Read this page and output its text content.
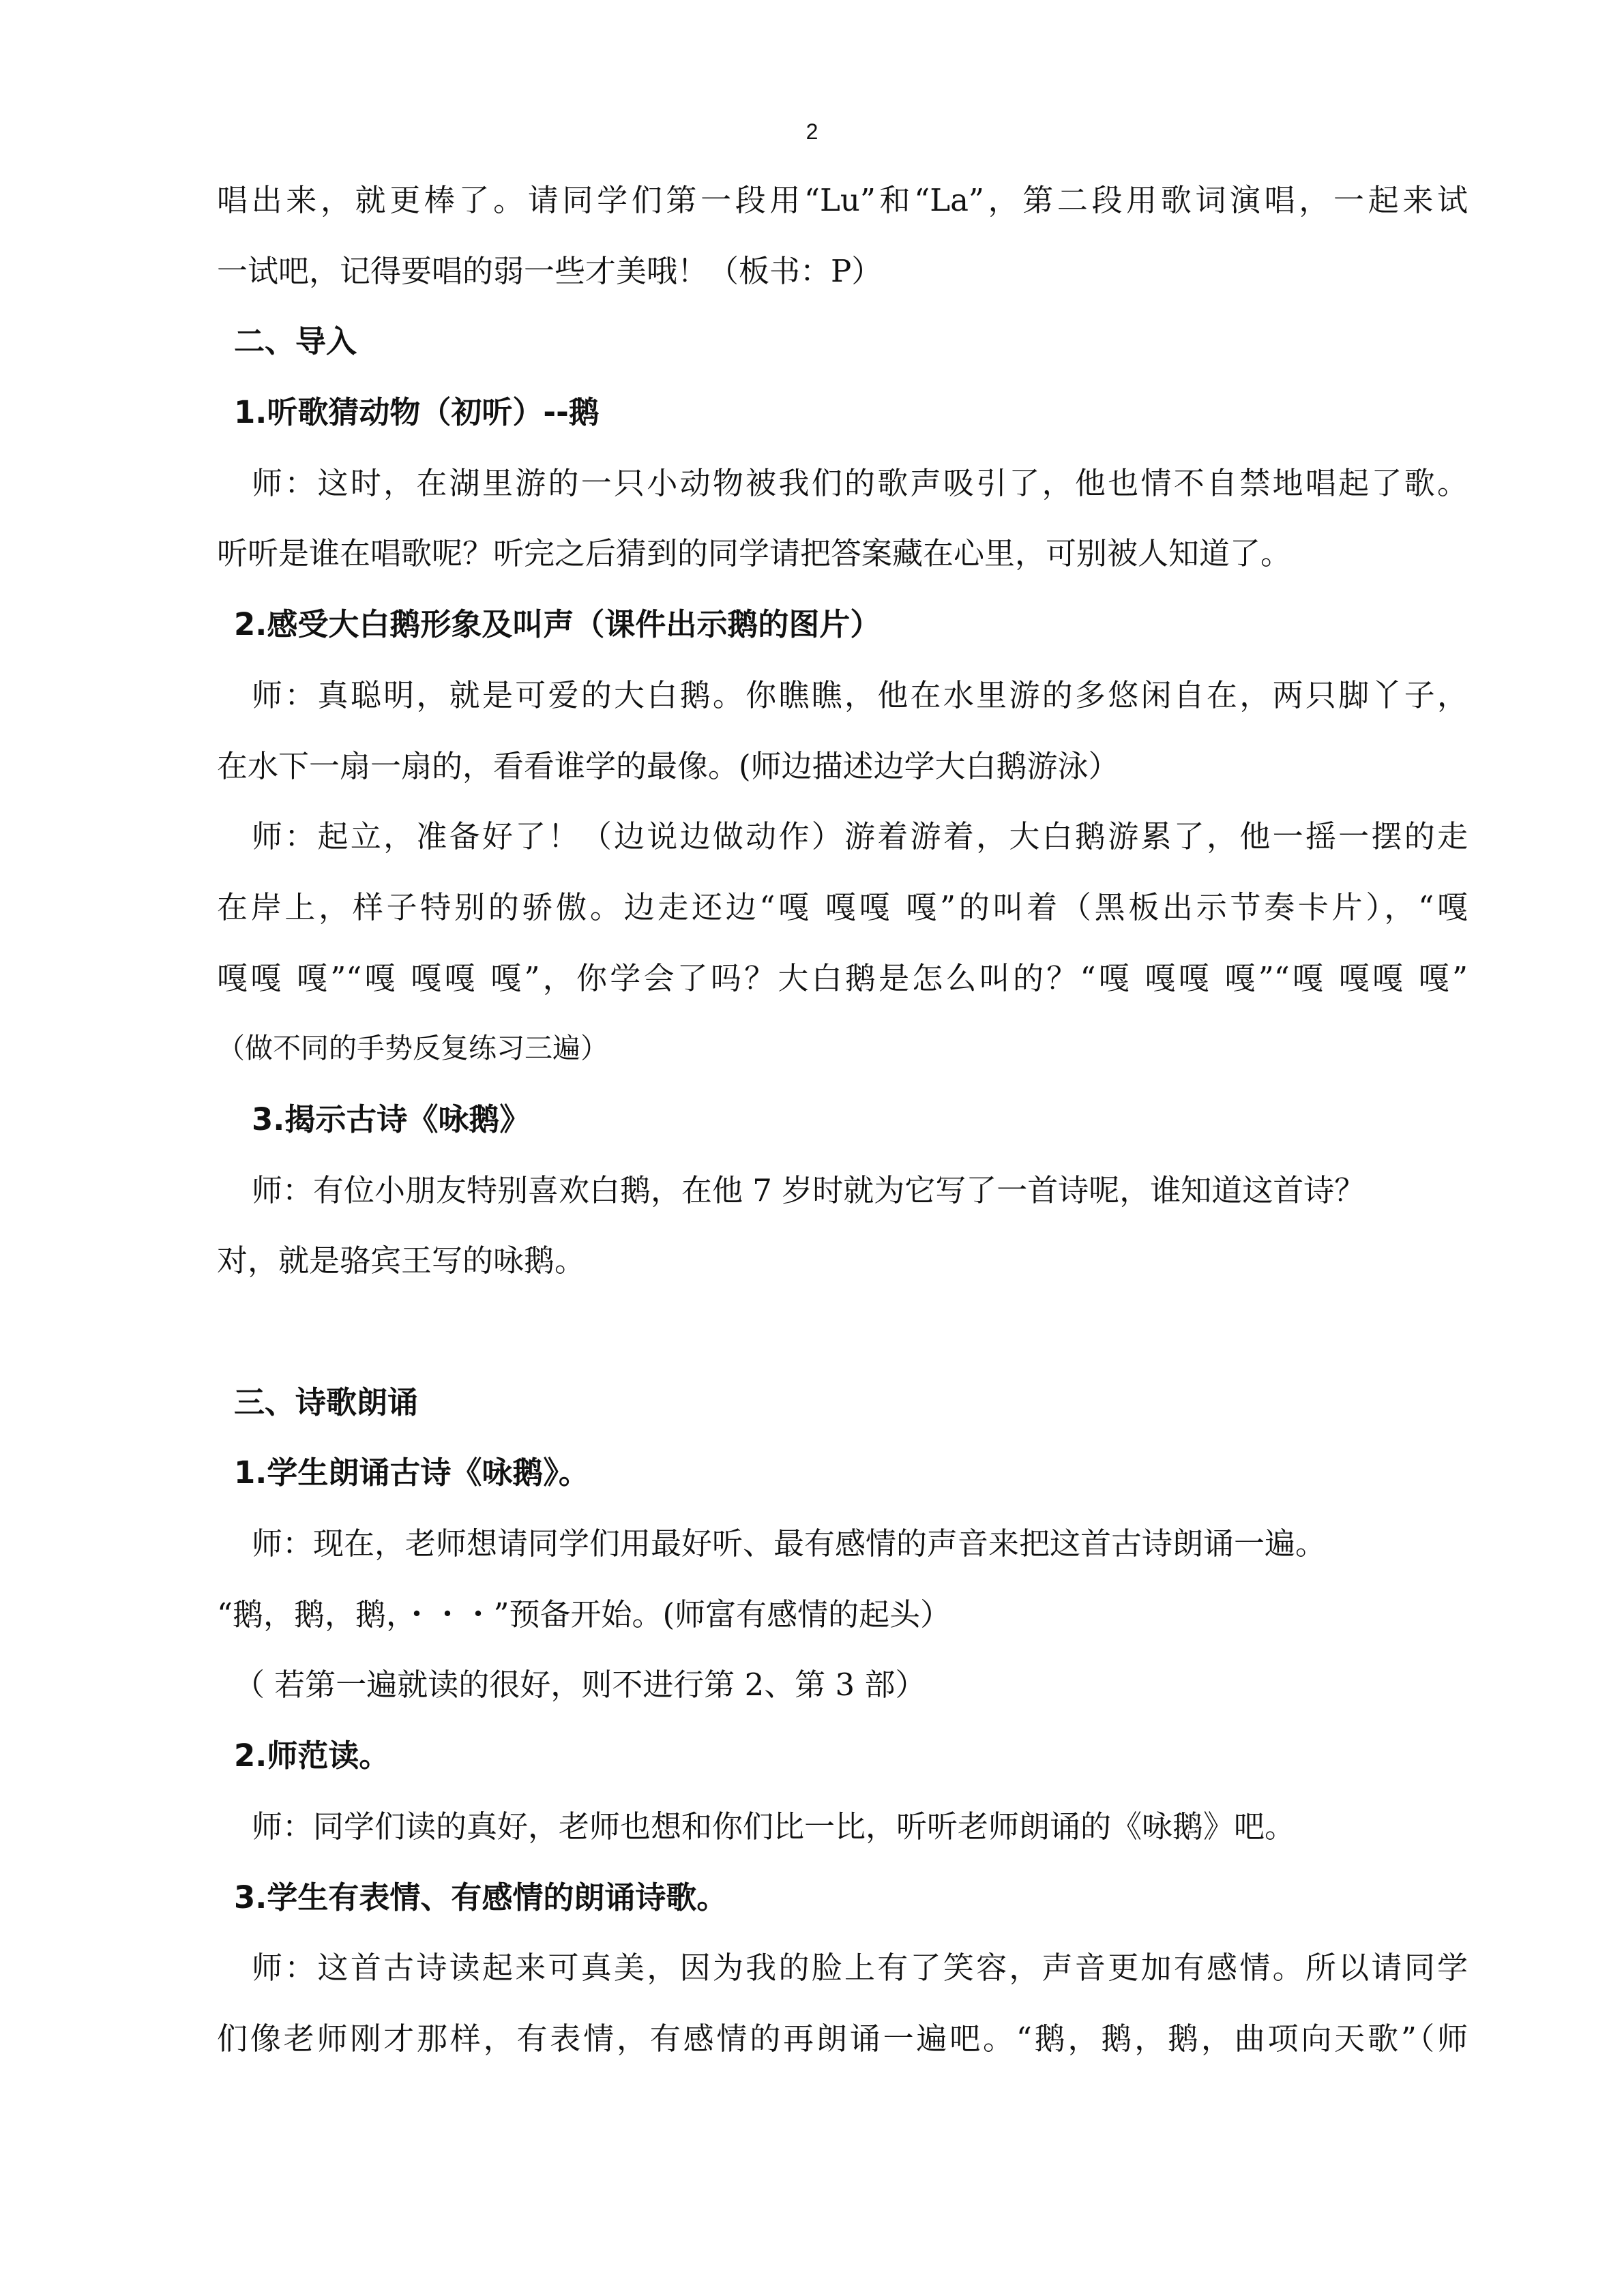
2
唱出来，就更棒了。请同学们第一段用“Lu”和“La”，第二段用歌词演唱，一起来试
一试吧，记得要唱的弱一些才美哦！（板书：P）
二、导入
1.听歌猜动物（初听）--鹅
师：这时，在湖里游的一只小动物被我们的歌声吸引了，他也情不自禁地唱起了歌。
听听是谁在唱歌呢？听完之后猜到的同学请把答案藏在心里，可别被人知道了。
2.感受大白鹅形象及叫声（课件出示鹅的图片）
师：真聪明，就是可爱的大白鹅。你瞧瞧，他在水里游的多悠闲自在，两只脚丫子，
在水下一扇一扇的，看看谁学的最像。(师边描述边学大白鹅游泳）
师：起立，准备好了！（边说边做动作）游着游着，大白鹅游累了，他一摇一摆的走
在岸上，样子特别的骄傲。边走还边“嘎 嘎嘎 嘎”的叫着（黑板出示节奏卡片），“嘎
嘎嘎 嘎”“嘎 嘎嘎 嘎”，你学会了吗？大白鹅是怎么叫的？“嘎 嘎嘎 嘎”“嘎 嘎嘎 嘎”
（做不同的手势反复练习三遍）
3.揭示古诗《咏鹅》
师：有位小朋友特别喜欢白鹅，在他 7 岁时就为它写了一首诗呢，谁知道这首诗？
对，就是骆宾王写的咏鹅。
三、诗歌朗诵
1.学生朗诵古诗《咏鹅》。
师：现在，老师想请同学们用最好听、最有感情的声音来把这首古诗朗诵一遍。
“鹅，鹅，鹅，・・・”预备开始。(师富有感情的起头）
（ 若第一遍就读的很好，则不进行第 2、第 3 部）
2.师范读。
师：同学们读的真好，老师也想和你们比一比，听听老师朗诵的《咏鹅》吧。
3.学生有表情、有感情的朗诵诗歌。
师：这首古诗读起来可真美，因为我的脸上有了笑容，声音更加有感情。所以请同学
们像老师刚才那样，有表情，有感情的再朗诵一遍吧。“鹅，鹅，鹅，曲项向天歌”（师
